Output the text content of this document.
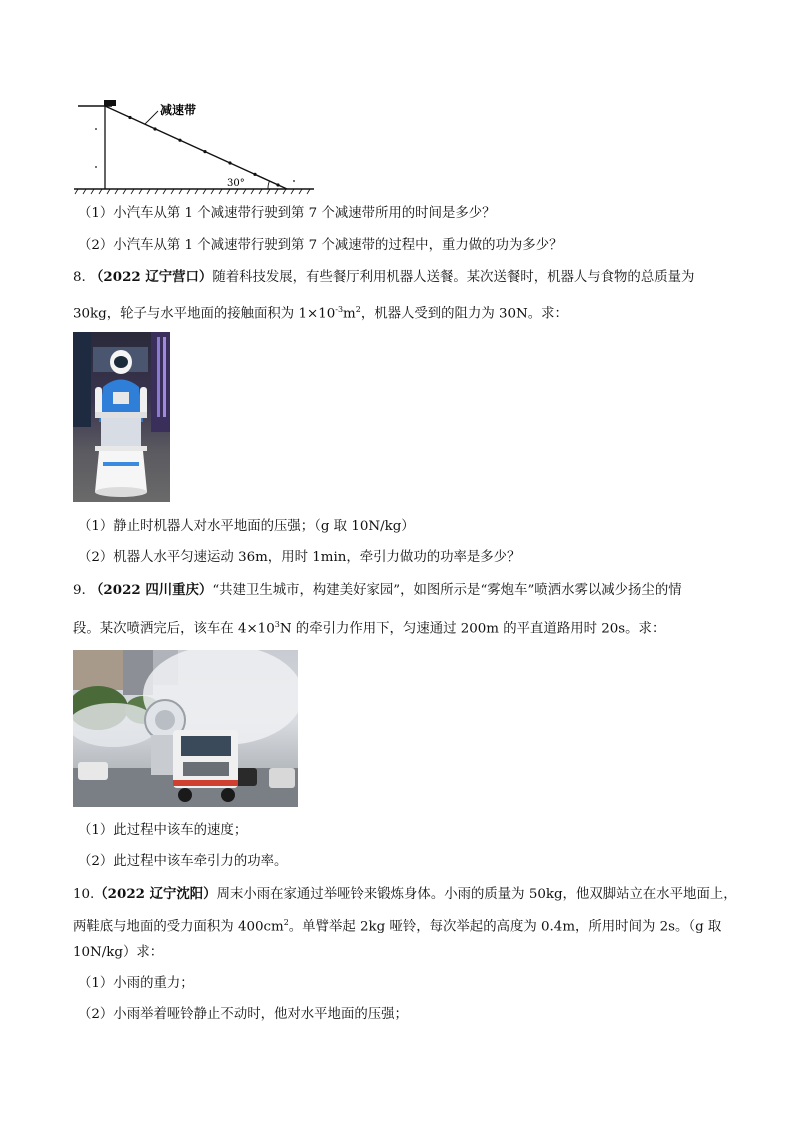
减速带
30°
（1）小汽车从第 1 个减速带行驶到第 7 个减速带所用的时间是多少？
（2）小汽车从第 1 个减速带行驶到第 7 个减速带的过程中，重力做的功为多少？
8. （2022 辽宁营口）随着科技发展，有些餐厅利用机器人送餐。某次送餐时，机器人与食物的总质量为
30kg，轮子与水平地面的接触面积为 $1\times 10^{-3}m^2$，机器人受到的阻力为 30N。求：
（1）静止时机器人对水平地面的压强；（g 取 10N/kg）
（2）机器人水平匀速运动 36m，用时 1min，牵引力做功的功率是多少？
9. （2022 四川重庆）“共建卫生城市，构建美好家园”，如图所示是“雾炮车”喷洒水雾以减少扬尘的情
段。某次喷洒完后，该车在 $4\times 10^3N$ 的牵引力作用下，匀速通过 200m 的平直道路用时 20s。求：
（1）此过程中该车的速度；
（2）此过程中该车牵引力的功率。
10.（2022 辽宁沈阳）周末小雨在家通过举哑铃来锻炼身体。小雨的质量为 50kg，他双脚站立在水平地面上，
两鞋底与地面的受力面积为 $400cm^2$。单臂举起 2kg 哑铃，每次举起的高度为 0.4m，所用时间为 2s。（g 取
10N/kg）求：
（1）小雨的重力；
（2）小雨举着哑铃静止不动时，他对水平地面的压强；
